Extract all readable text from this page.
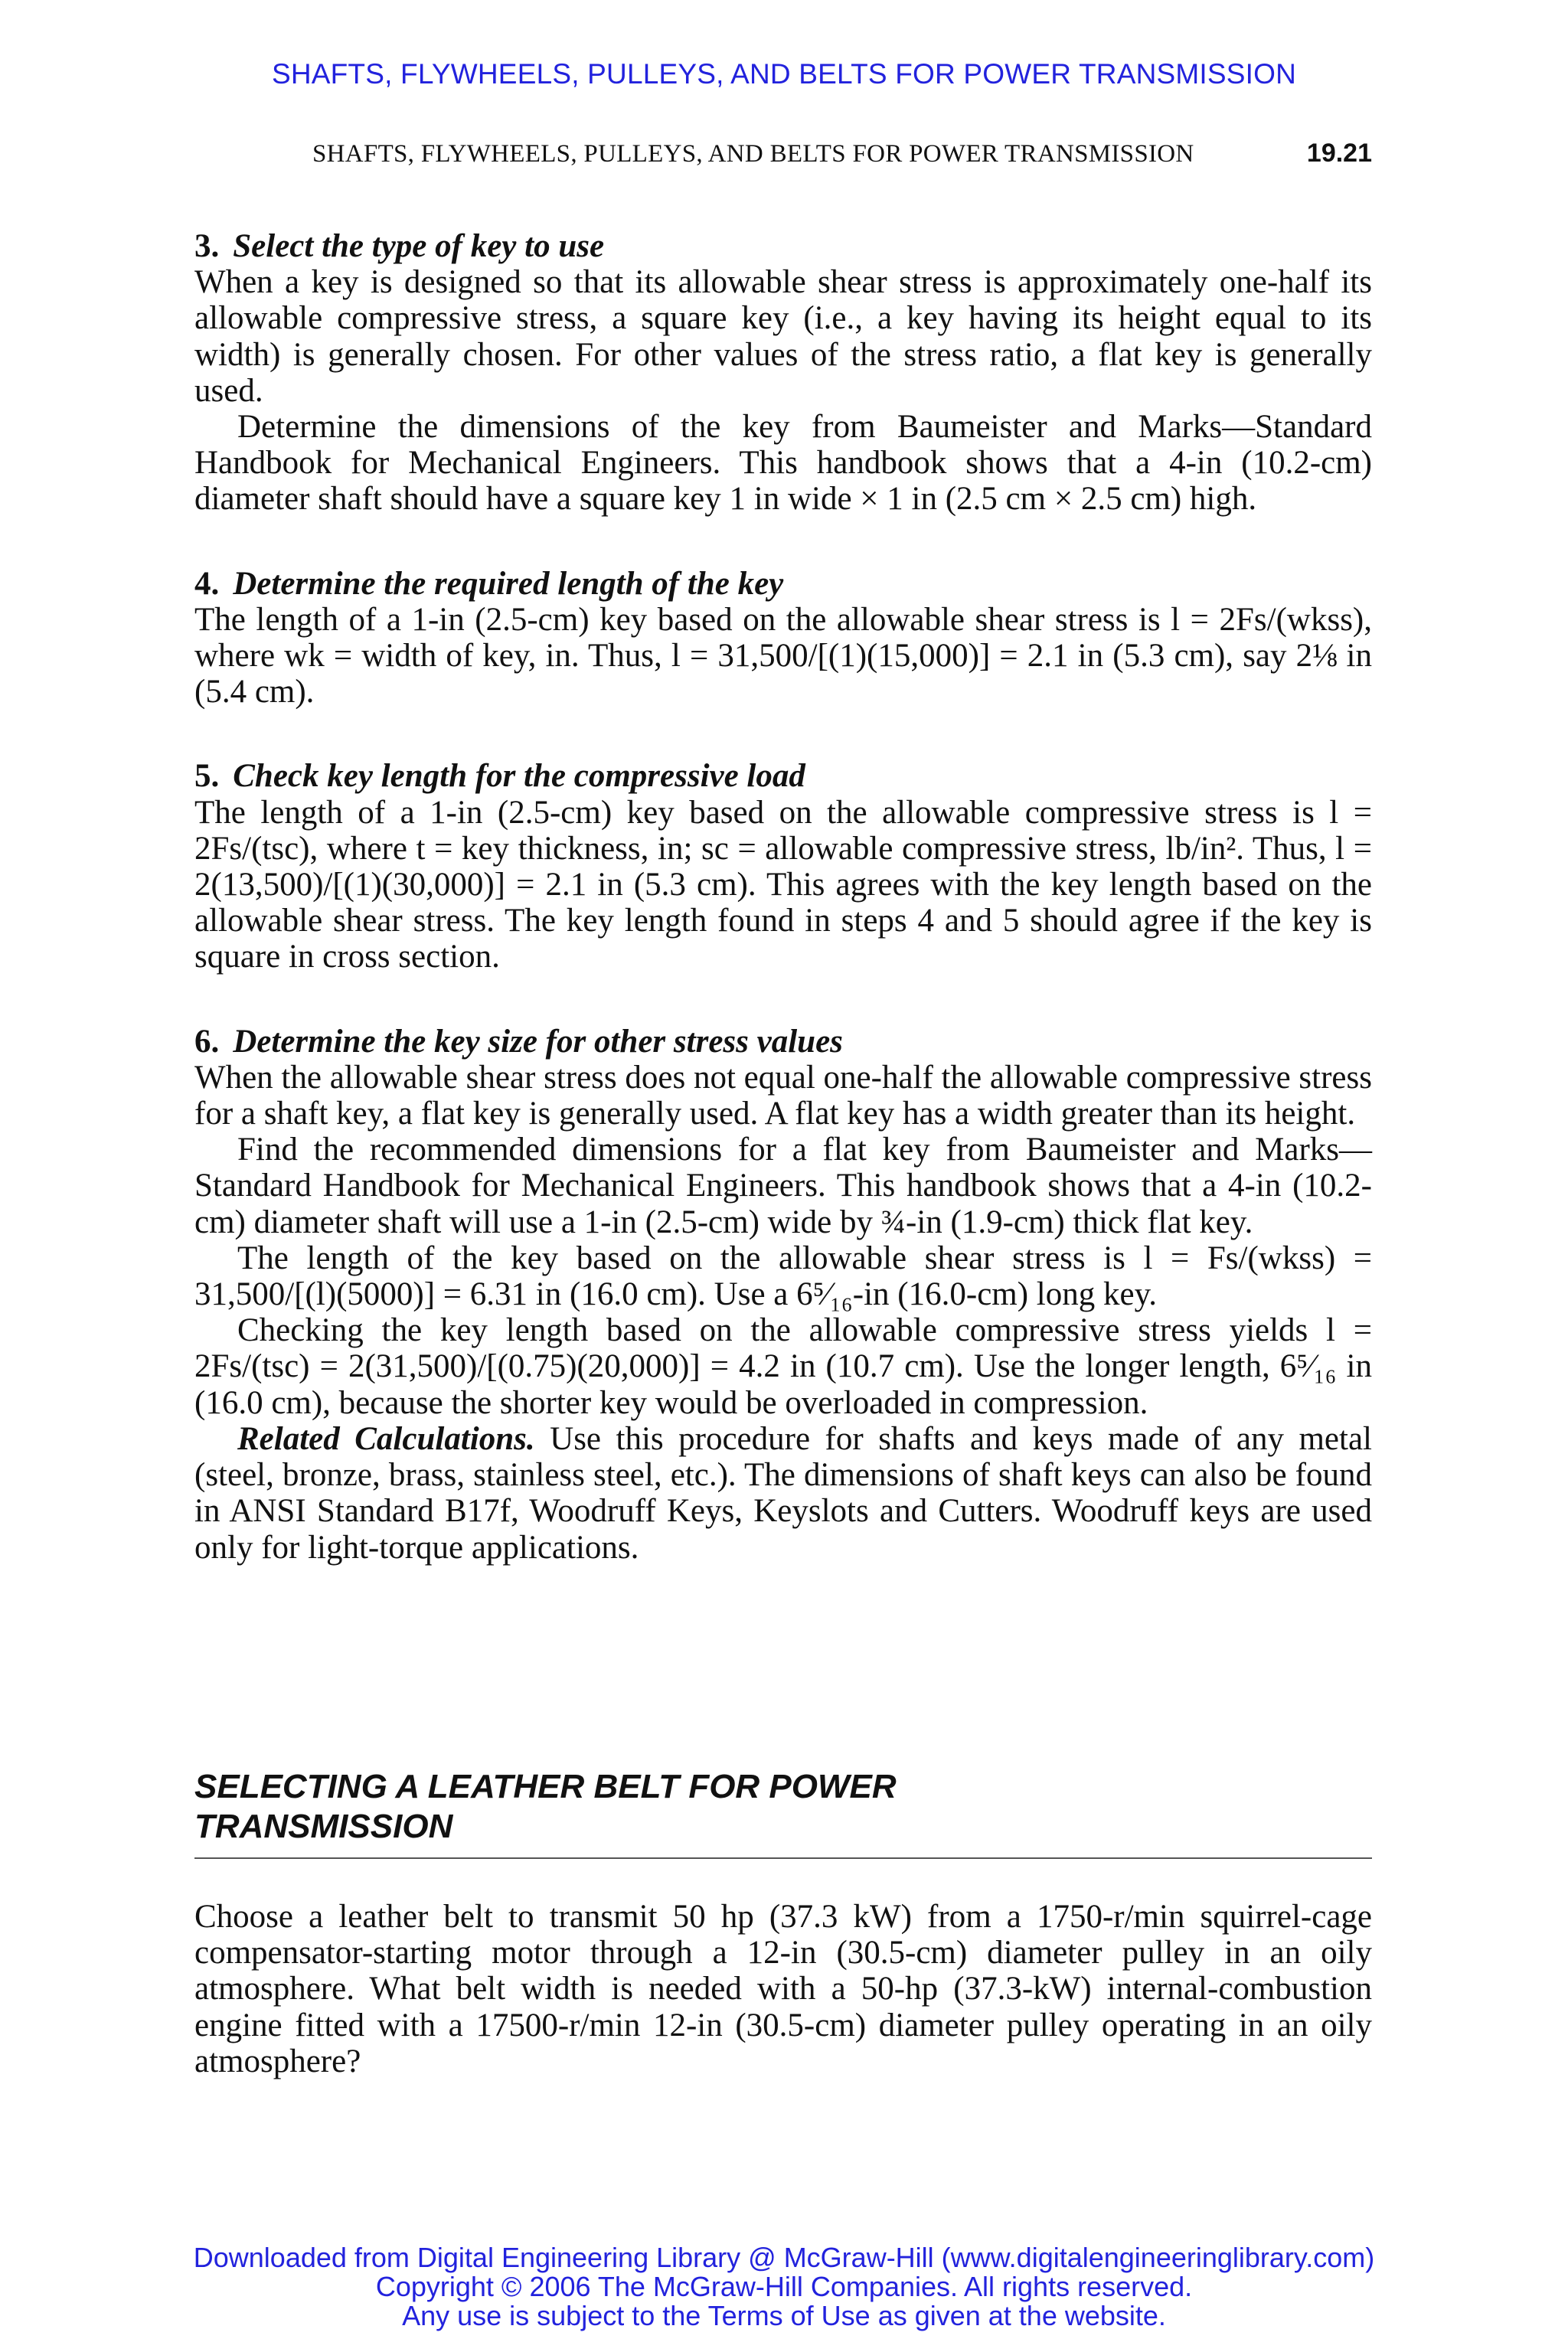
SHAFTS, FLYWHEELS, PULLEYS, AND BELTS FOR POWER TRANSMISSION
SHAFTS, FLYWHEELS, PULLEYS, AND BELTS FOR POWER TRANSMISSION	19.21

3. Select the type of key to use

When a key is designed so that its allowable shear stress is approximately one-half its allowable compressive stress, a square key (i.e., a key having its height equal to its width) is generally chosen. For other values of the stress ratio, a flat key is generally used.

Determine the dimensions of the key from Baumeister and Marks—Standard Handbook for Mechanical Engineers. This handbook shows that a 4-in (10.2-cm) diameter shaft should have a square key 1 in wide × 1 in (2.5 cm × 2.5 cm) high.

4. Determine the required length of the key

The length of a 1-in (2.5-cm) key based on the allowable shear stress is l = 2Fs/(wkss), where wk = width of key, in. Thus, l = 31,500/[(1)(15,000)] = 2.1 in (5.3 cm), say 2⅛ in (5.4 cm).

5. Check key length for the compressive load

The length of a 1-in (2.5-cm) key based on the allowable compressive stress is l = 2Fs/(tsc), where t = key thickness, in; sc = allowable compressive stress, lb/in². Thus, l = 2(13,500)/[(1)(30,000)] = 2.1 in (5.3 cm). This agrees with the key length based on the allowable shear stress. The key length found in steps 4 and 5 should agree if the key is square in cross section.

6. Determine the key size for other stress values

When the allowable shear stress does not equal one-half the allowable compressive stress for a shaft key, a flat key is generally used. A flat key has a width greater than its height.

Find the recommended dimensions for a flat key from Baumeister and Marks—Standard Handbook for Mechanical Engineers. This handbook shows that a 4-in (10.2-cm) diameter shaft will use a 1-in (2.5-cm) wide by ¾-in (1.9-cm) thick flat key.

The length of the key based on the allowable shear stress is l = Fs/(wkss) = 31,500/[(l)(5000)] = 6.31 in (16.0 cm). Use a 6⁵⁄₁₆-in (16.0-cm) long key.

Checking the key length based on the allowable compressive stress yields l = 2Fs/(tsc) = 2(31,500)/[(0.75)(20,000)] = 4.2 in (10.7 cm). Use the longer length, 6⁵⁄₁₆ in (16.0 cm), because the shorter key would be overloaded in compression.

Related Calculations. Use this procedure for shafts and keys made of any metal (steel, bronze, brass, stainless steel, etc.). The dimensions of shaft keys can also be found in ANSI Standard B17f, Woodruff Keys, Keyslots and Cutters. Woodruff keys are used only for light-torque applications.

SELECTING A LEATHER BELT FOR POWER
TRANSMISSION

Choose a leather belt to transmit 50 hp (37.3 kW) from a 1750-r/min squirrel-cage compensator-starting motor through a 12-in (30.5-cm) diameter pulley in an oily atmosphere. What belt width is needed with a 50-hp (37.3-kW) internal-combustion engine fitted with a 17500-r/min 12-in (30.5-cm) diameter pulley operating in an oily atmosphere?

Downloaded from Digital Engineering Library @ McGraw-Hill (www.digitalengineeringlibrary.com)
Copyright © 2006 The McGraw-Hill Companies. All rights reserved.
Any use is subject to the Terms of Use as given at the website.
